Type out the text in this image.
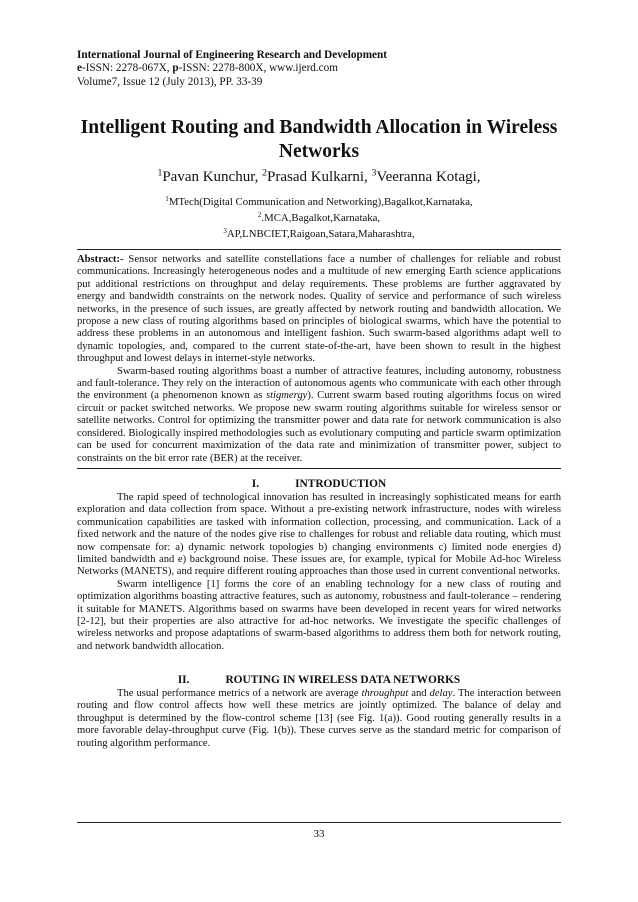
International Journal of Engineering Research and Development
e-ISSN: 2278-067X, p-ISSN: 2278-800X, www.ijerd.com
Volume7, Issue 12 (July 2013), PP. 33-39
Intelligent Routing and Bandwidth Allocation in Wireless Networks
$^1$Pavan Kunchur, $^2$Prasad Kulkarni, $^3$Veeranna Kotagi,
$^1$MTech(Digital Communication and Networking),Bagalkot,Karnataka,
$^2$.MCA,Bagalkot,Karnataka,
$^3$AP,LNBCIET,Raigoan,Satara,Maharashtra,

Abstract:- Sensor networks and satellite constellations face a number of challenges for reliable and robust communications. Increasingly heterogeneous nodes and a multitude of new emerging Earth science applications put additional restrictions on throughput and delay requirements. These problems are further aggravated by energy and bandwidth constraints on the network nodes. Quality of service and performance of such wireless networks, in the presence of such issues, are greatly affected by network routing and bandwidth allocation. We propose a new class of routing algorithms based on principles of biological swarms, which have the potential to address these problems in an autonomous and intelligent fashion. Such swarm-based algorithms adapt well to dynamic topologies, and, compared to the current state-of-the-art, have been shown to result in the highest throughput and lowest delays in internet-style networks.

Swarm-based routing algorithms boast a number of attractive features, including autonomy, robustness and fault-tolerance. They rely on the interaction of autonomous agents who communicate with each other through the environment (a phenomenon known as stigmergy). Current swarm based routing algorithms focus on wired circuit or packet switched networks. We propose new swarm routing algorithms suitable for wireless sensor or satellite networks. Control for optimizing the transmitter power and data rate for network communication is also considered. Biologically inspired methodologies such as evolutionary computing and particle swarm optimization can be used for concurrent maximization of the data rate and minimization of transmitter power, subject to constraints on the bit error rate (BER) at the receiver.

I.	INTRODUCTION

The rapid speed of technological innovation has resulted in increasingly sophisticated means for earth exploration and data collection from space. Without a pre-existing network infrastructure, nodes with wireless communication capabilities are tasked with information collection, processing, and communication. Lack of a fixed network and the nature of the nodes give rise to challenges for robust and reliable data routing, which must now compensate for: a) dynamic network topologies b) changing environments c) limited node energies d) limited bandwidth and e) background noise. These issues are, for example, typical for Mobile Ad-hoc Wireless Networks (MANETS), and require different routing approaches than those used in current conventional networks.

Swarm intelligence [1] forms the core of an enabling technology for a new class of routing and optimization algorithms boasting attractive features, such as autonomy, robustness and fault-tolerance – rendering it suitable for MANETS. Algorithms based on swarms have been developed in recent years for wired networks [2-12], but their properties are also attractive for ad-hoc networks. We investigate the specific challenges of wireless networks and propose adaptations of swarm-based algorithms to address them both for network routing, and network bandwidth allocation.

II.	ROUTING IN WIRELESS DATA NETWORKS

The usual performance metrics of a network are average throughput and delay. The interaction between routing and flow control affects how well these metrics are jointly optimized. The balance of delay and throughput is determined by the flow-control scheme [13] (see Fig. 1(a)). Good routing generally results in a more favorable delay-throughput curve (Fig. 1(b)). These curves serve as the standard metric for comparison of routing algorithm performance.

33
